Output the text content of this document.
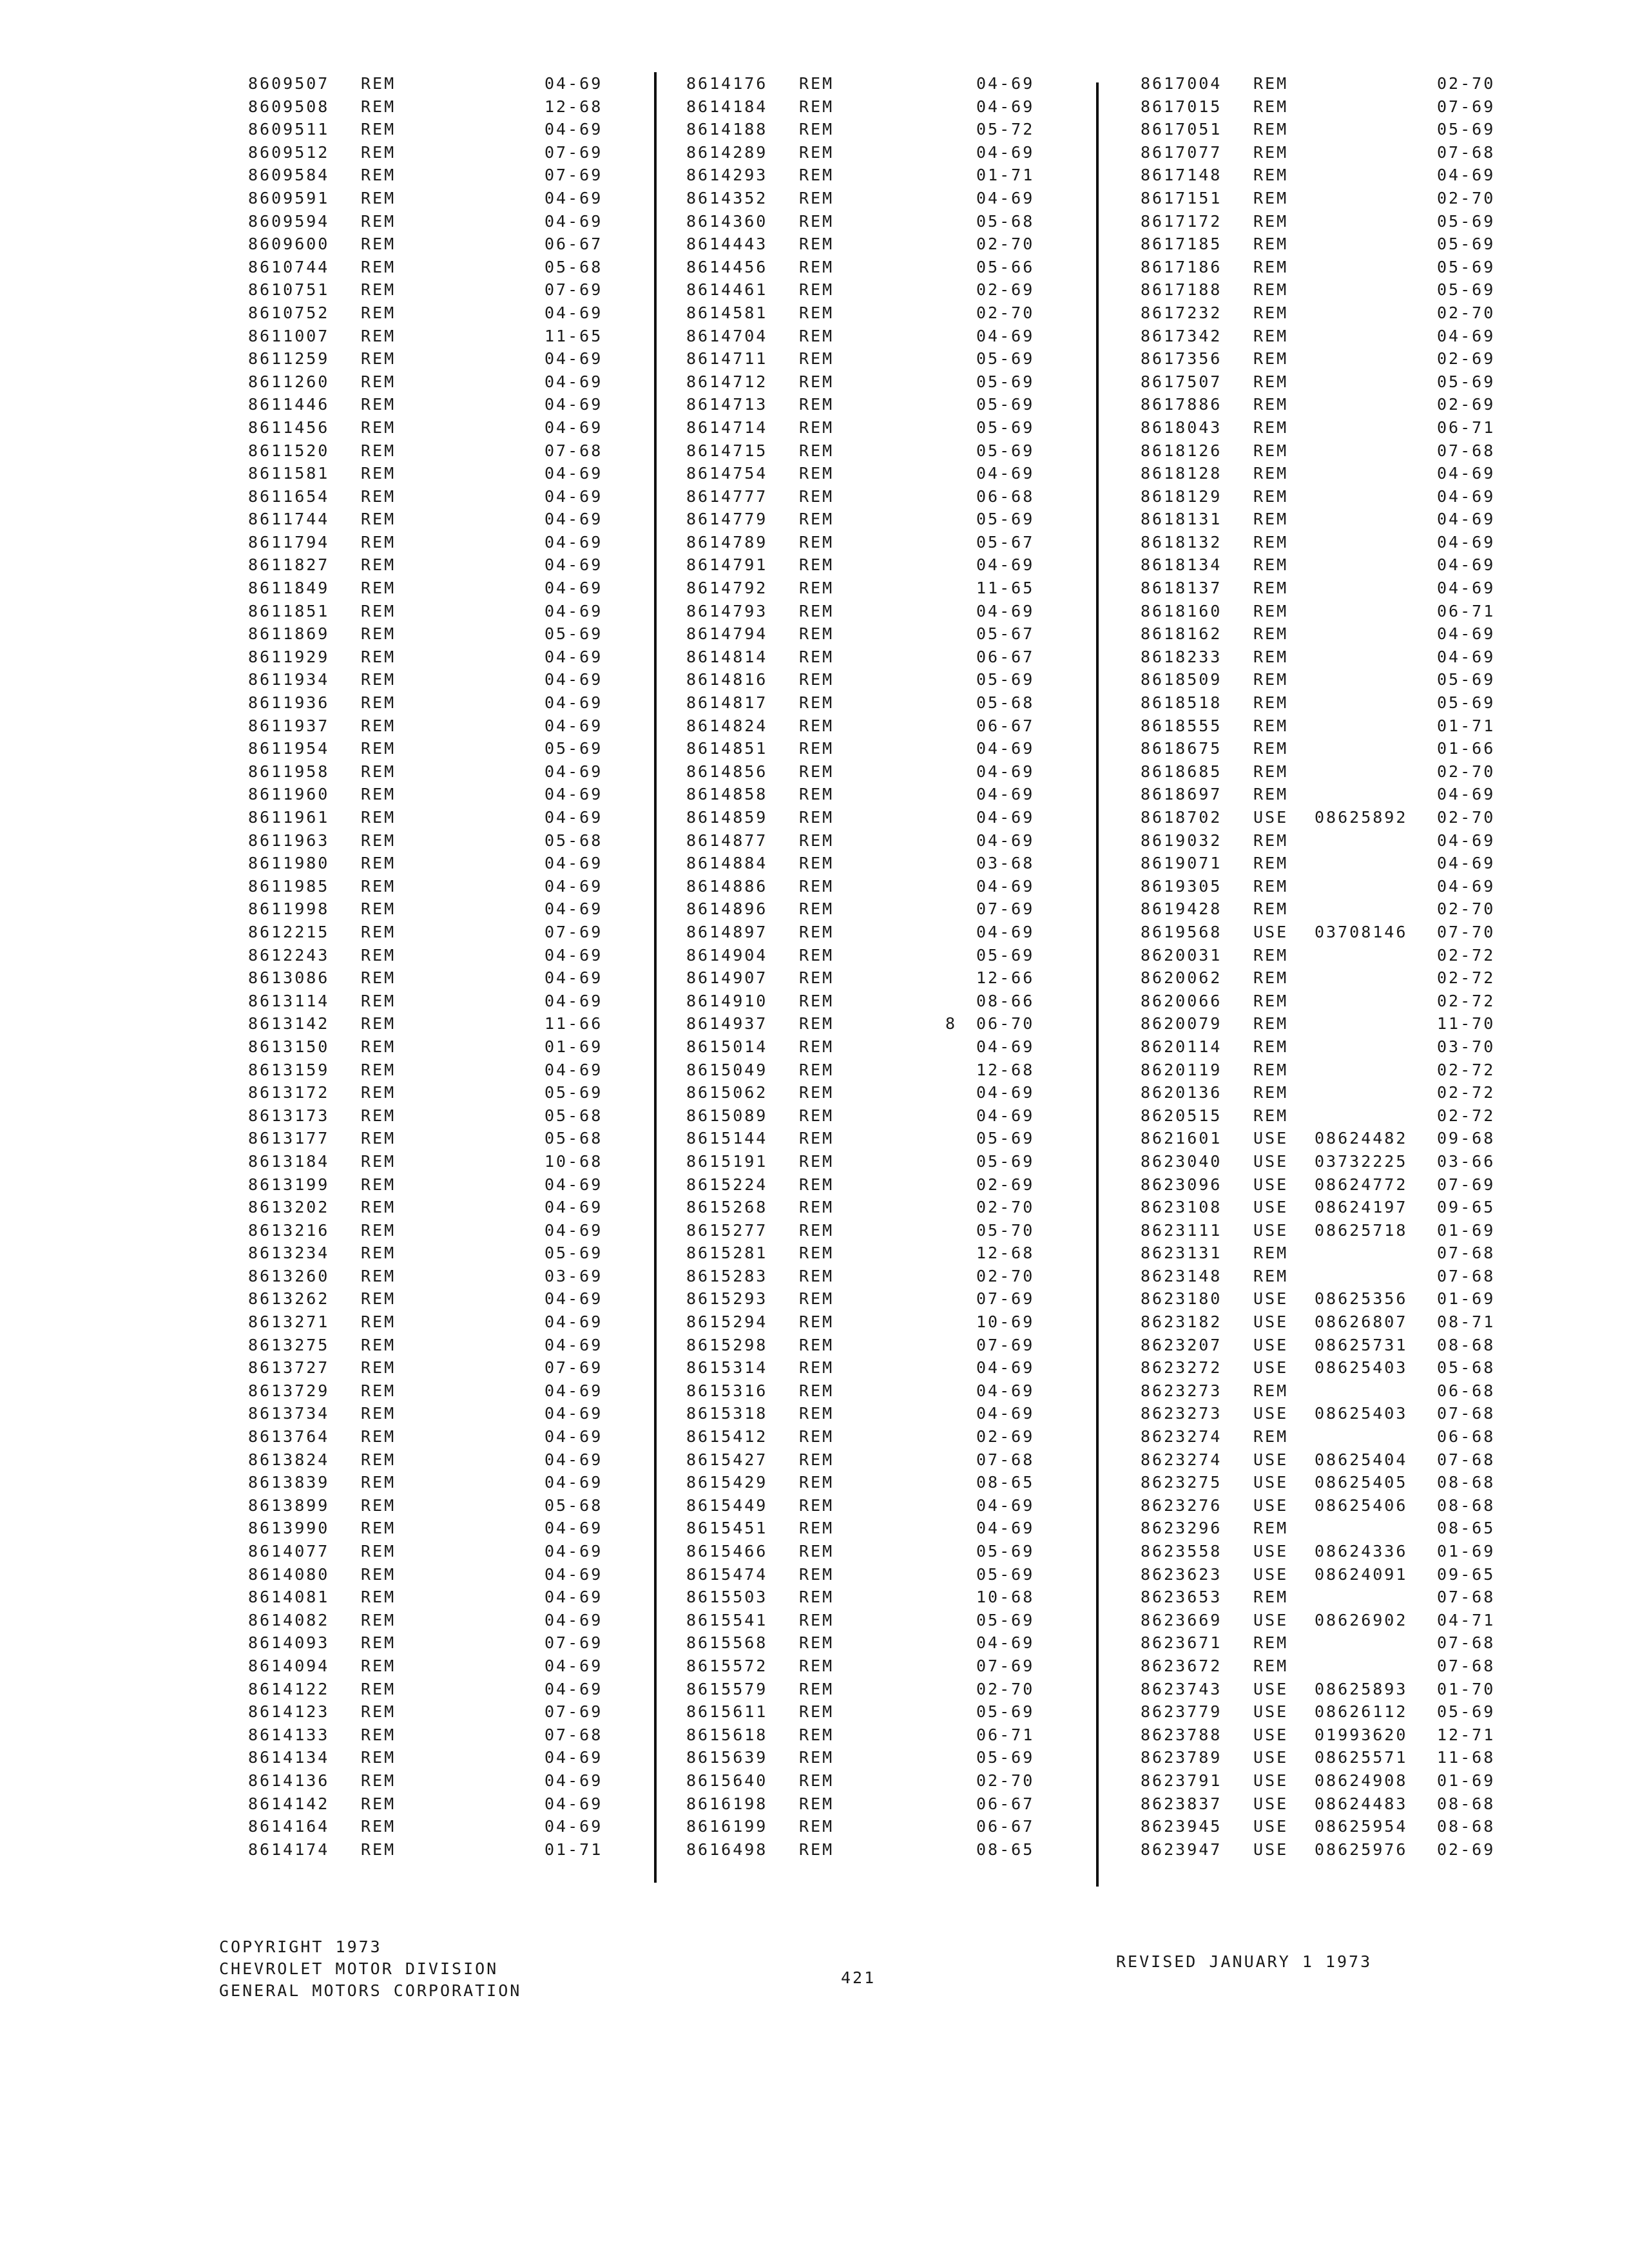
8609507 REM	04-69
8609508 REM	12-68
8609511 REM	04-69
8609512 REM	07-69
8609584 REM	07-69
8609591 REM	04-69
8609594 REM	04-69
8609600 REM	06-67
8610744 REM	05-68
8610751 REM	07-69
8610752 REM	04-69
8611007 REM	11-65
8611259 REM	04-69
8611260 REM	04-69
8611446 REM	04-69
8611456 REM	04-69
8611520 REM	07-68
8611581 REM	04-69
8611654 REM	04-69
8611744 REM	04-69
8611794 REM	04-69
8611827 REM	04-69
8611849 REM	04-69
8611851 REM	04-69
8611869 REM	05-69
8611929 REM	04-69
8611934 REM	04-69
8611936 REM	04-69
8611937 REM	04-69
8611954 REM	05-69
8611958 REM	04-69
8611960 REM	04-69
8611961 REM	04-69
8611963 REM	05-68
8611980 REM	04-69
8611985 REM	04-69
8611998 REM	04-69
8612215 REM	07-69
8612243 REM	04-69
8613086 REM	04-69
8613114 REM	04-69
8613142 REM	11-66
8613150 REM	01-69
8613159 REM	04-69
8613172 REM	05-69
8613173 REM	05-68
8613177 REM	05-68
8613184 REM	10-68
8613199 REM	04-69
8613202 REM	04-69
8613216 REM	04-69
8613234 REM	05-69
8613260 REM	03-69
8613262 REM	04-69
8613271 REM	04-69
8613275 REM	04-69
8613727 REM	07-69
8613729 REM	04-69
8613734 REM	04-69
8613764 REM	04-69
8613824 REM	04-69
8613839 REM	04-69
8613899 REM	05-68
8613990 REM	04-69
8614077 REM	04-69
8614080 REM	04-69
8614081 REM	04-69
8614082 REM	04-69
8614093 REM	07-69
8614094 REM	04-69
8614122 REM	04-69
8614123 REM	07-69
8614133 REM	07-68
8614134 REM	04-69
8614136 REM	04-69
8614142 REM	04-69
8614164 REM	04-69
8614174 REM	01-71
8614176 REM	04-69
8614184 REM	04-69
8614188 REM	05-72
8614289 REM	04-69
8614293 REM	01-71
8614352 REM	04-69
8614360 REM	05-68
8614443 REM	02-70
8614456 REM	05-66
8614461 REM	02-69
8614581 REM	02-70
8614704 REM	04-69
8614711 REM	05-69
8614712 REM	05-69
8614713 REM	05-69
8614714 REM	05-69
8614715 REM	05-69
8614754 REM	04-69
8614777 REM	06-68
8614779 REM	05-69
8614789 REM	05-67
8614791 REM	04-69
8614792 REM	11-65
8614793 REM	04-69
8614794 REM	05-67
8614814 REM	06-67
8614816 REM	05-69
8614817 REM	05-68
8614824 REM	06-67
8614851 REM	04-69
8614856 REM	04-69
8614858 REM	04-69
8614859 REM	04-69
8614877 REM	04-69
8614884 REM	03-68
8614886 REM	04-69
8614896 REM	07-69
8614897 REM	04-69
8614904 REM	05-69
8614907 REM	12-66
8614910 REM	08-66
8614937 REM	8 06-70
8615014 REM	04-69
8615049 REM	12-68
8615062 REM	04-69
8615089 REM	04-69
8615144 REM	05-69
8615191 REM	05-69
8615224 REM	02-69
8615268 REM	02-70
8615277 REM	05-70
8615281 REM	12-68
8615283 REM	02-70
8615293 REM	07-69
8615294 REM	10-69
8615298 REM	07-69
8615314 REM	04-69
8615316 REM	04-69
8615318 REM	04-69
8615412 REM	02-69
8615427 REM	07-68
8615429 REM	08-65
8615449 REM	04-69
8615451 REM	04-69
8615466 REM	05-69
8615474 REM	05-69
8615503 REM	10-68
8615541 REM	05-69
8615568 REM	04-69
8615572 REM	07-69
8615579 REM	02-70
8615611 REM	05-69
8615618 REM	06-71
8615639 REM	05-69
8615640 REM	02-70
8616198 REM	06-67
8616199 REM	06-67
8616498 REM	08-65
8617004 REM	02-70
8617015 REM	07-69
8617051 REM	05-69
8617077 REM	07-68
8617148 REM	04-69
8617151 REM	02-70
8617172 REM	05-69
8617185 REM	05-69
8617186 REM	05-69
8617188 REM	05-69
8617232 REM	02-70
8617342 REM	04-69
8617356 REM	02-69
8617507 REM	05-69
8617886 REM	02-69
8618043 REM	06-71
8618126 REM	07-68
8618128 REM	04-69
8618129 REM	04-69
8618131 REM	04-69
8618132 REM	04-69
8618134 REM	04-69
8618137 REM	04-69
8618160 REM	06-71
8618162 REM	04-69
8618233 REM	04-69
8618509 REM	05-69
8618518 REM	05-69
8618555 REM	01-71
8618675 REM	01-66
8618685 REM	02-70
8618697 REM	04-69
8618702 USE 08625892 02-70
8619032 REM	04-69
8619071 REM	04-69
8619305 REM	04-69
8619428 REM	02-70
8619568 USE 03708146 07-70
8620031 REM	02-72
8620062 REM	02-72
8620066 REM	02-72
8620079 REM	11-70
8620114 REM	03-70
8620119 REM	02-72
8620136 REM	02-72
8620515 REM	02-72
8621601 USE 08624482 09-68
8623040 USE 03732225 03-66
8623096 USE 08624772 07-69
8623108 USE 08624197 09-65
8623111 USE 08625718 01-69
8623131 REM	07-68
8623148 REM	07-68
8623180 USE 08625356 01-69
8623182 USE 08626807 08-71
8623207 USE 08625731 08-68
8623272 USE 08625403 05-68
8623273 REM	06-68
8623273 USE 08625403 07-68
8623274 REM	06-68
8623274 USE 08625404 07-68
8623275 USE 08625405 08-68
8623276 USE 08625406 08-68
8623296 REM	08-65
8623558 USE 08624336 01-69
8623623 USE 08624091 09-65
8623653 REM	07-68
8623669 USE 08626902 04-71
8623671 REM	07-68
8623672 REM	07-68
8623743 USE 08625893 01-70
8623779 USE 08626112 05-69
8623788 USE 01993620 12-71
8623789 USE 08625571 11-68
8623791 USE 08624908 01-69
8623837 USE 08624483 08-68
8623945 USE 08625954 08-68
8623947 USE 08625976 02-69
COPYRIGHT 1973
CHEVROLET MOTOR DIVISION
GENERAL MOTORS CORPORATION
421
REVISED JANUARY 1 1973
